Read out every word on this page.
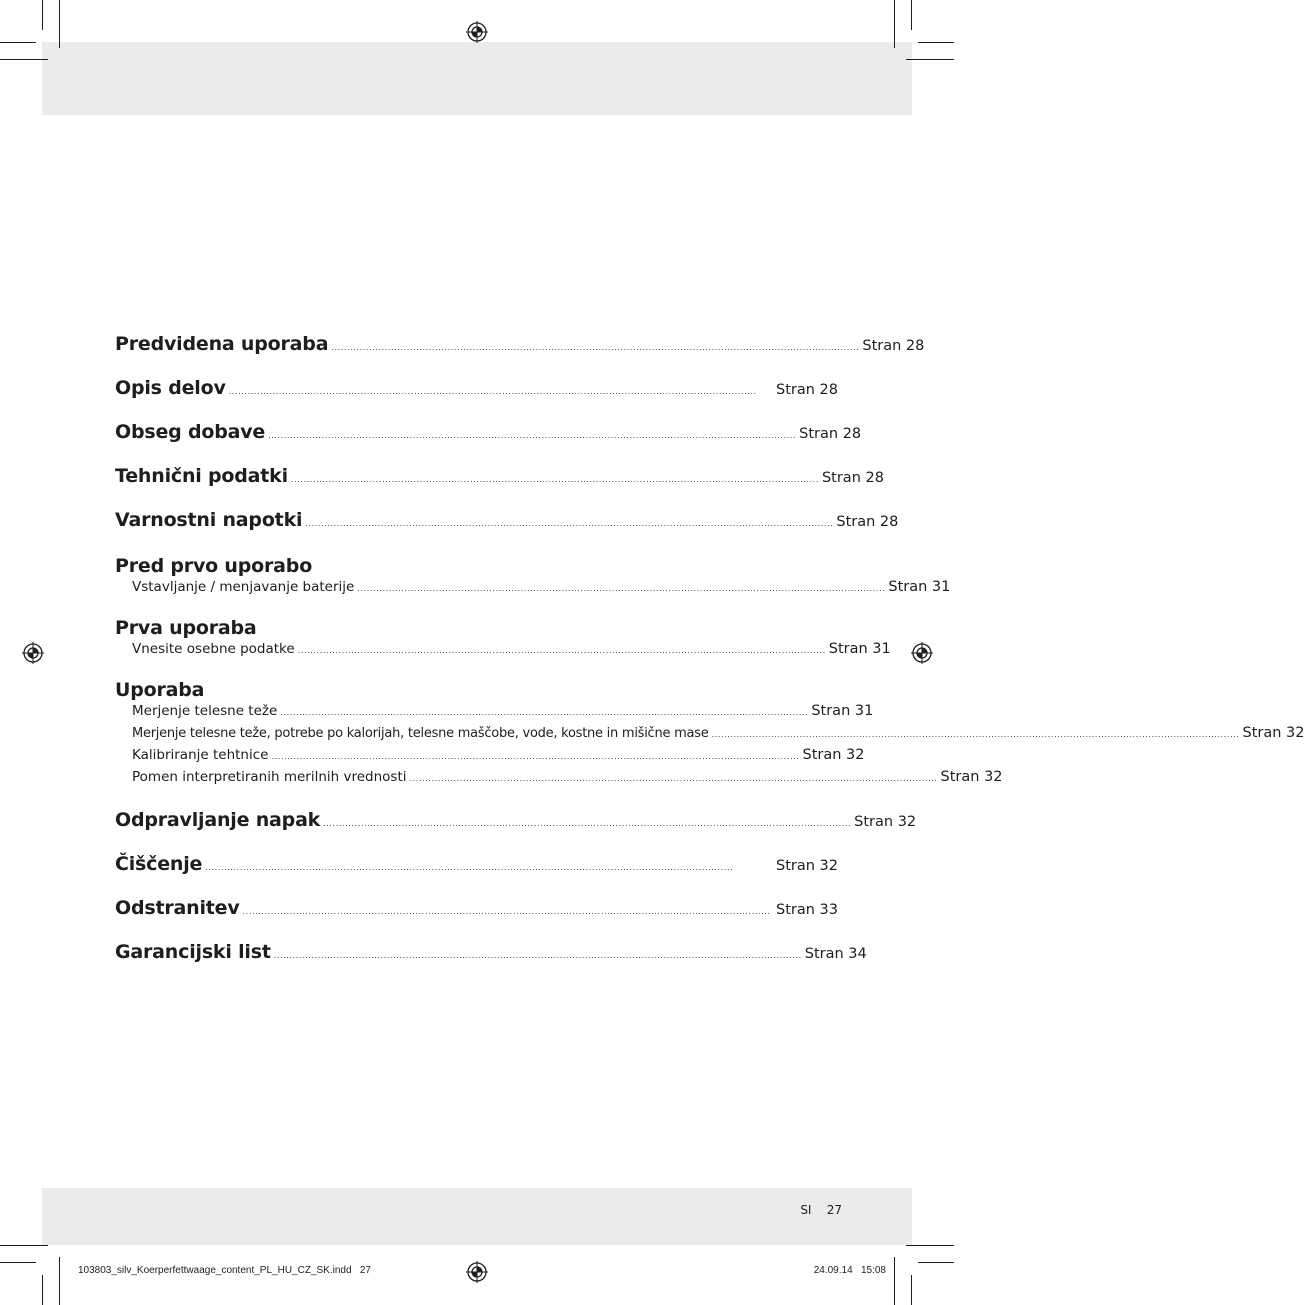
Predvidena uporaba ........................................................................................................................................................................ Stran 28
Opis delov ........................................................................................................................................................................	Stran 28
Obseg dobave ........................................................................................................................................................................ Stran 28
Tehnični podatki ........................................................................................................................................................................ Stran 28
Varnostni napotki ........................................................................................................................................................................ Stran 28
Pred prvo uporabo
Vstavljanje / menjavanje baterije ........................................................................................................................................................................ Stran 31
Prva uporaba
Vnesite osebne podatke ........................................................................................................................................................................ Stran 31
Uporaba
Merjenje telesne teže ........................................................................................................................................................................ Stran 31
Merjenje telesne teže, potrebe po kalorijah, telesne maščobe, vode, kostne in mišične mase ........................................................................................................................................................................ Stran 32
Kalibriranje tehtnice ........................................................................................................................................................................ Stran 32
Pomen interpretiranih merilnih vrednosti ........................................................................................................................................................................ Stran 32
Odpravljanje napak ........................................................................................................................................................................ Stran 32
Čiščenje ........................................................................................................................................................................	Stran 32
Odstranitev ........................................................................................................................................................................ Stran 33
Garancijski list ........................................................................................................................................................................ Stran 34
SI    27
103803_silv_Koerperfettwaage_content_PL_HU_CZ_SK.indd   27	24.09.14   15:08
